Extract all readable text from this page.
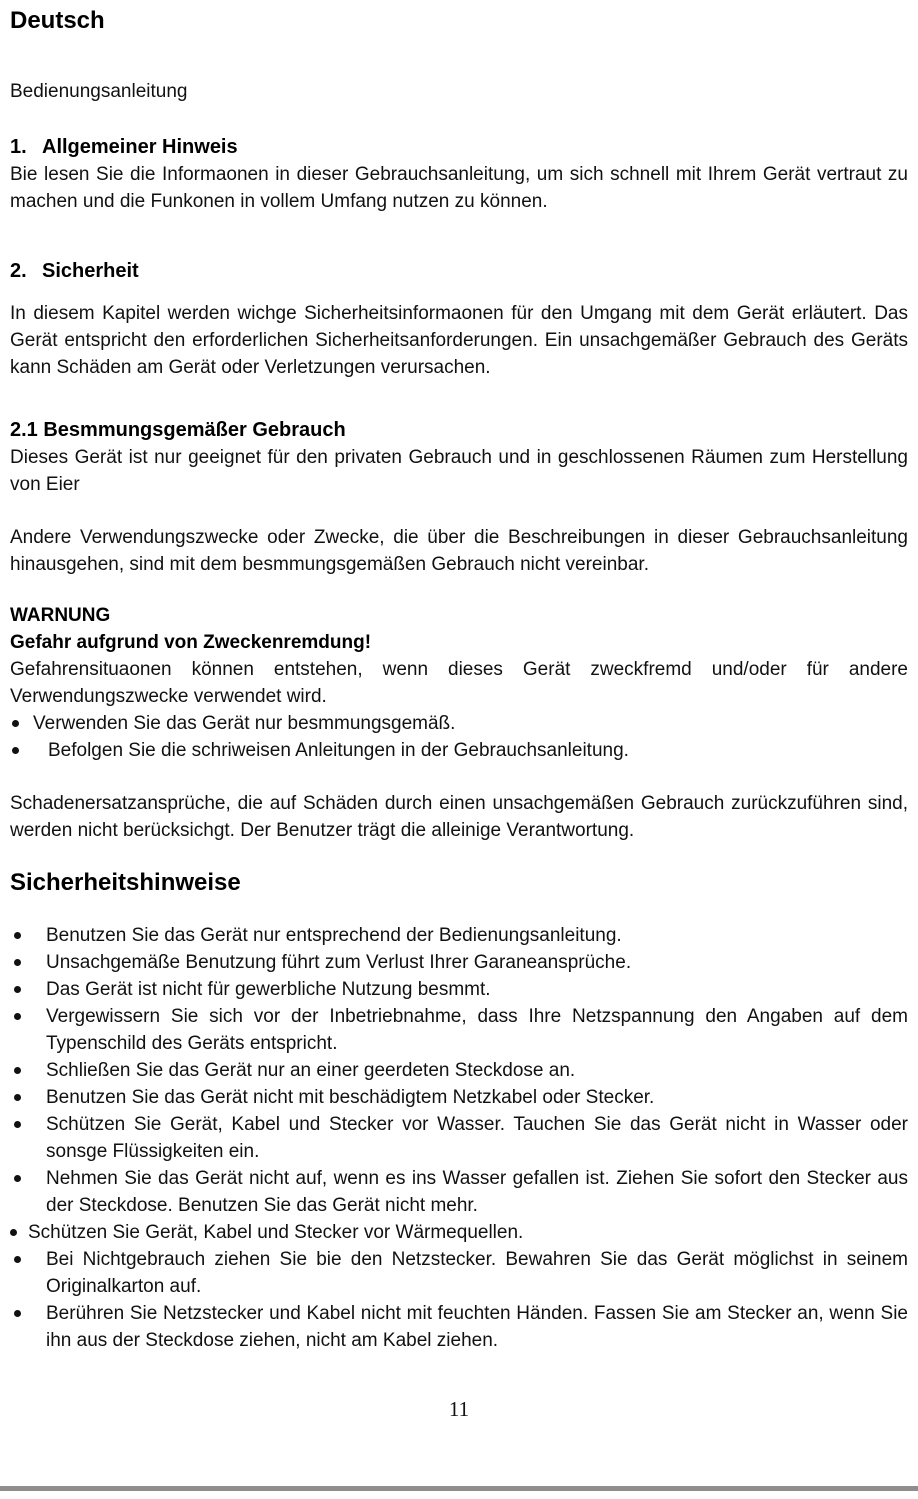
Deutsch

Bedienungsanleitung

1. Allgemeiner Hinweis

Bie lesen Sie die Informaonen in dieser Gebrauchsanleitung, um sich schnell mit Ihrem Gerät vertraut zu machen und die Funkonen in vollem Umfang nutzen zu können.

2. Sicherheit

In diesem Kapitel werden wichge Sicherheitsinformaonen für den Umgang mit dem Gerät erläutert. Das Gerät entspricht den erforderlichen Sicherheitsanforderungen. Ein unsachgemäßer Gebrauch des Geräts kann Schäden am Gerät oder Verletzungen verursachen.

2.1 Besmmungsgemäßer Gebrauch

Dieses Gerät ist nur geeignet für den privaten Gebrauch und in geschlossenen Räumen zum Herstellung von Eier

Andere Verwendungszwecke oder Zwecke, die über die Beschreibungen in dieser Gebrauchsanleitung hinausgehen, sind mit dem besmmungsgemäßen Gebrauch nicht vereinbar.

WARNUNG

Gefahr aufgrund von Zweckenremdung!

Gefahrensituaonen können entstehen, wenn dieses Gerät zweckfremd und/oder für andere Verwendungszwecke verwendet wird.

Verwenden Sie das Gerät nur besmmungsgemäß.
Befolgen Sie die schriweisen Anleitungen in der Gebrauchsanleitung.

Schadenersatzansprüche, die auf Schäden durch einen unsachgemäßen Gebrauch zurückzuführen sind, werden nicht berücksichgt. Der Benutzer trägt die alleinige Verantwortung.

Sicherheitshinweise
Benutzen Sie das Gerät nur entsprechend der Bedienungsanleitung.
Unsachgemäße Benutzung führt zum Verlust Ihrer Garaneansprüche.
Das Gerät ist nicht für gewerbliche Nutzung besmmt.
Vergewissern Sie sich vor der Inbetriebnahme, dass Ihre Netzspannung den Angaben auf dem Typenschild des Geräts entspricht.
Schließen Sie das Gerät nur an einer geerdeten Steckdose an.
Benutzen Sie das Gerät nicht mit beschädigtem Netzkabel oder Stecker.
Schützen Sie Gerät, Kabel und Stecker vor Wasser. Tauchen Sie das Gerät nicht in Wasser oder sonsge Flüssigkeiten ein.
Nehmen Sie das Gerät nicht auf, wenn es ins Wasser gefallen ist. Ziehen Sie sofort den Stecker aus der Steckdose. Benutzen Sie das Gerät nicht mehr.
Schützen Sie Gerät, Kabel und Stecker vor Wärmequellen.
Bei Nichtgebrauch ziehen Sie bie den Netzstecker. Bewahren Sie das Gerät möglichst in seinem Originalkarton auf.
Berühren Sie Netzstecker und Kabel nicht mit feuchten Händen. Fassen Sie am Stecker an, wenn Sie ihn aus der Steckdose ziehen, nicht am Kabel ziehen.
11
